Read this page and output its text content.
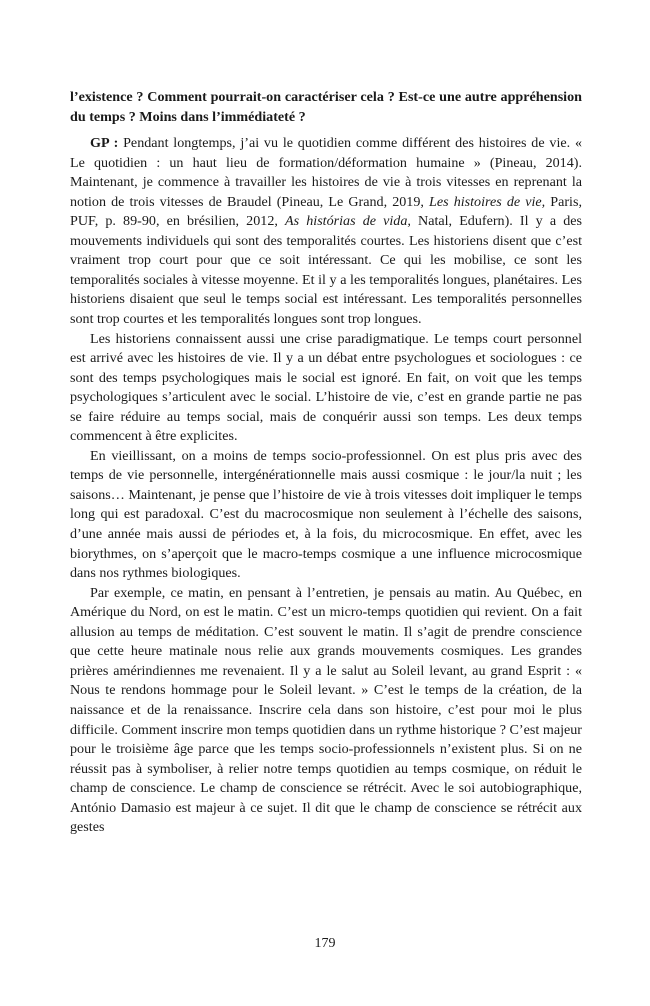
l’existence ? Comment pourrait-on caractériser cela ? Est-ce une autre appréhension du temps ? Moins dans l’immédiateté ?

GP : Pendant longtemps, j’ai vu le quotidien comme différent des histoires de vie. « Le quotidien : un haut lieu de formation/déformation humaine » (Pineau, 2014). Maintenant, je commence à travailler les histoires de vie à trois vitesses en reprenant la notion de trois vitesses de Braudel (Pineau, Le Grand, 2019, Les histoires de vie, Paris, PUF, p. 89-90, en brésilien, 2012, As histórias de vida, Natal, Edufern). Il y a des mouvements individuels qui sont des temporalités courtes. Les historiens disent que c’est vraiment trop court pour que ce soit intéressant. Ce qui les mobilise, ce sont les temporalités sociales à vitesse moyenne. Et il y a les temporalités longues, planétaires. Les historiens disaient que seul le temps social est intéressant. Les temporalités personnelles sont trop courtes et les temporalités longues sont trop longues.

Les historiens connaissent aussi une crise paradigmatique. Le temps court personnel est arrivé avec les histoires de vie. Il y a un débat entre psychologues et sociologues : ce sont des temps psychologiques mais le social est ignoré. En fait, on voit que les temps psychologiques s’articulent avec le social. L’histoire de vie, c’est en grande partie ne pas se faire réduire au temps social, mais de conquérir aussi son temps. Les deux temps commencent à être explicites.

En vieillissant, on a moins de temps socio-professionnel. On est plus pris avec des temps de vie personnelle, intergénérationnelle mais aussi cosmique : le jour/la nuit ; les saisons… Maintenant, je pense que l’histoire de vie à trois vitesses doit impliquer le temps long qui est paradoxal. C’est du macrocosmique non seulement à l’échelle des saisons, d’une année mais aussi de périodes et, à la fois, du microcosmique. En effet, avec les biorythmes, on s’aperçoit que le macro-temps cosmique a une influence microcosmique dans nos rythmes biologiques.

Par exemple, ce matin, en pensant à l’entretien, je pensais au matin. Au Québec, en Amérique du Nord, on est le matin. C’est un micro-temps quotidien qui revient. On a fait allusion au temps de méditation. C’est souvent le matin. Il s’agit de prendre conscience que cette heure matinale nous relie aux grands mouvements cosmiques. Les grandes prières amérindiennes me revenaient. Il y a le salut au Soleil levant, au grand Esprit : « Nous te rendons hommage pour le Soleil levant. » C’est le temps de la création, de la naissance et de la renaissance. Inscrire cela dans son histoire, c’est pour moi le plus difficile. Comment inscrire mon temps quotidien dans un rythme historique ? C’est majeur pour le troisième âge parce que les temps socio-professionnels n’existent plus. Si on ne réussit pas à symboliser, à relier notre temps quotidien au temps cosmique, on réduit le champ de conscience. Le champ de conscience se rétrécit. Avec le soi autobiographique, António Damasio est majeur à ce sujet. Il dit que le champ de conscience se rétrécit aux gestes

179
